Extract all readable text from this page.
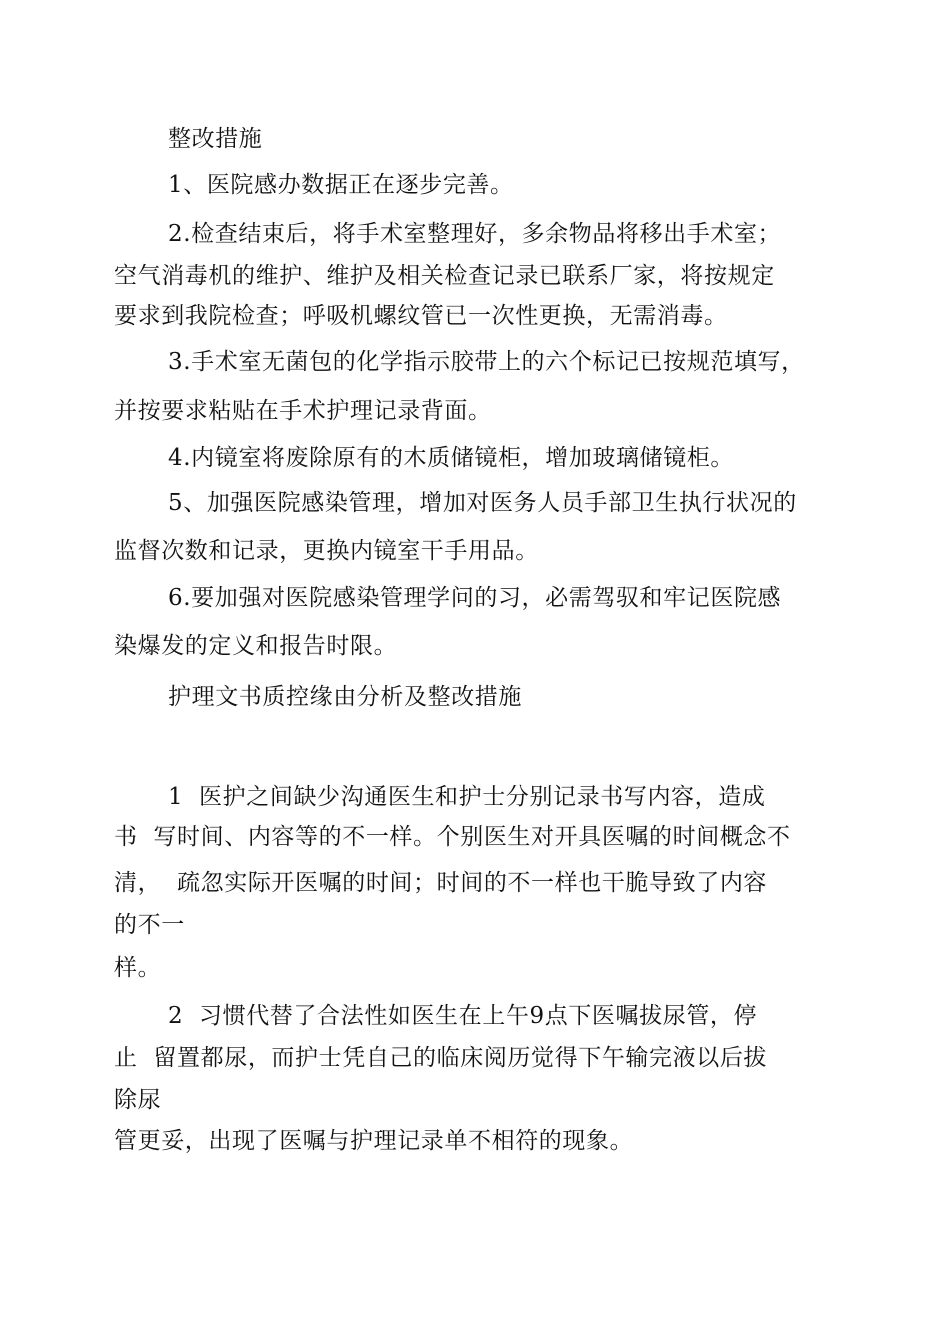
整改措施
1、医院感办数据正在逐步完善。
2.检查结束后，将手术室整理好，多余物品将移出手术室；
空气消毒机的维护、维护及相关检查记录已联系厂家，将按规定
要求到我院检查；呼吸机螺纹管已一次性更换，无需消毒。
3.手术室无菌包的化学指示胶带上的六个标记已按规范填写，
并按要求粘贴在手术护理记录背面。
4.内镜室将废除原有的木质储镜柜，增加玻璃储镜柜。
5、加强医院感染管理，增加对医务人员手部卫生执行状况的
监督次数和记录，更换内镜室干手用品。
6.要加强对医院感染管理学问的习，必需驾驭和牢记医院感
染爆发的定义和报告时限。
护理文书质控缘由分析及整改措施
1  医护之间缺少沟通医生和护士分别记录书写内容，造成
书  写时间、内容等的不一样。个别医生对开具医嘱的时间概念不
清，  疏忽实际开医嘱的时间；时间的不一样也干脆导致了内容
的不一
样。
2  习惯代替了合法性如医生在上午9点下医嘱拔尿管，停
止  留置都尿，而护士凭自己的临床阅历觉得下午输完液以后拔
除尿
管更妥，出现了医嘱与护理记录单不相符的现象。
